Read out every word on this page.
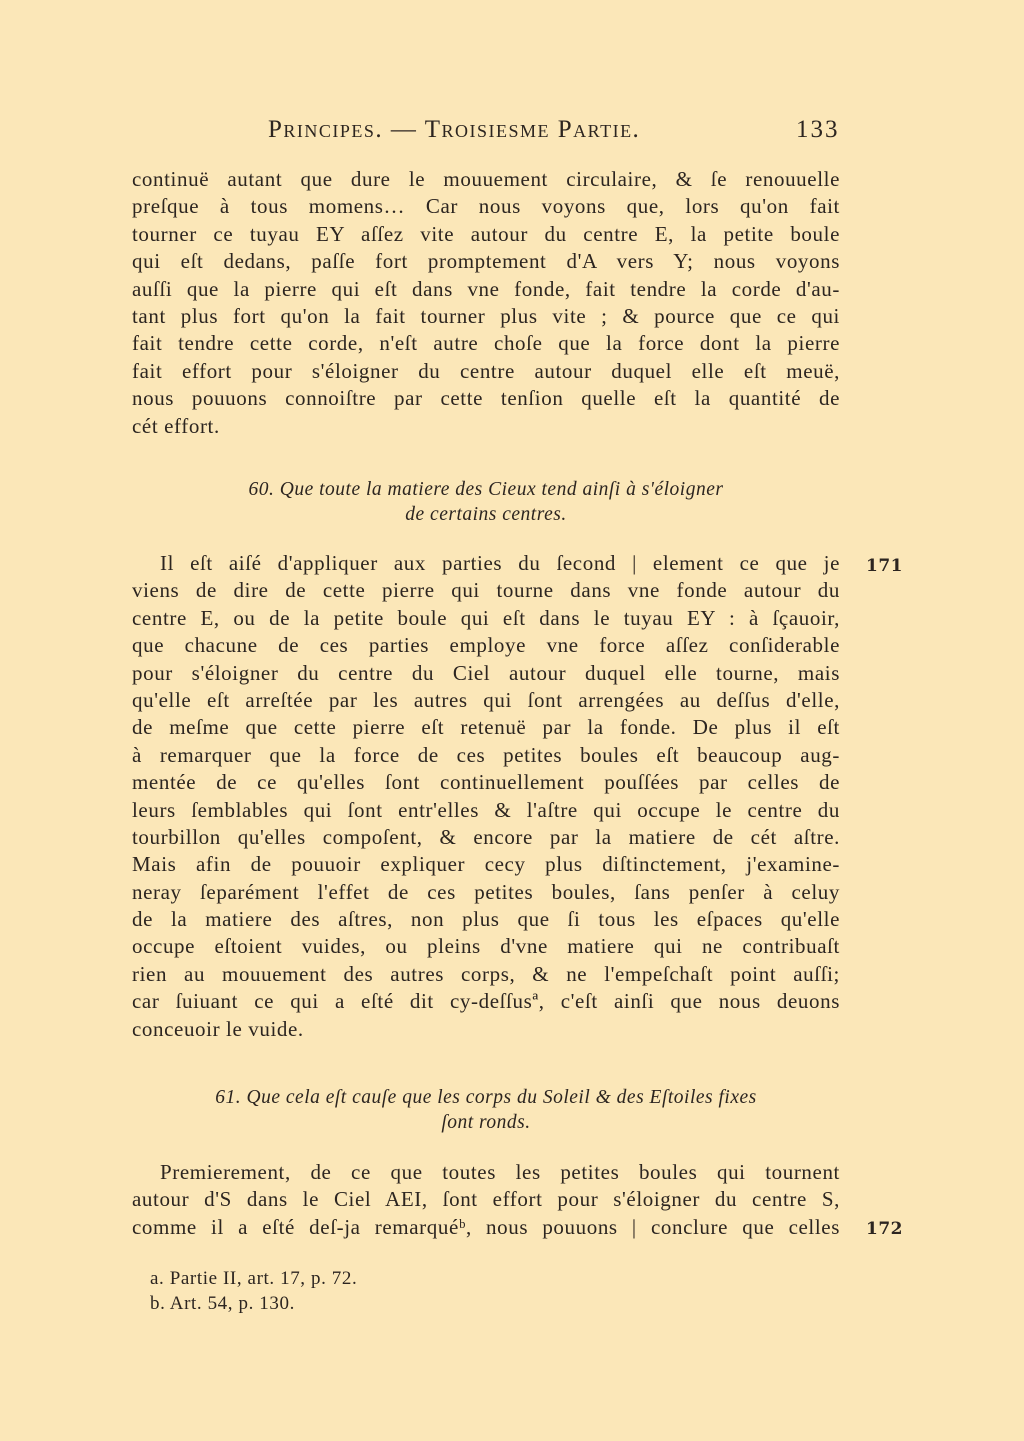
Principes. — Troisiesme Partie.	133
continuë autant que dure le mouuement circulaire, & ſe renouuelle
preſque à tous momens… Car nous voyons que, lors qu'on fait
tourner ce tuyau EY aſſez vite autour du centre E, la petite boule
qui eſt dedans, paſſe fort promptement d'A vers Y; nous voyons
auſſi que la pierre qui eſt dans vne fonde, fait tendre la corde d'au-
tant plus fort qu'on la fait tourner plus vite ; & pource que ce qui
fait tendre cette corde, n'eſt autre choſe que la force dont la pierre
fait effort pour s'éloigner du centre autour duquel elle eſt meuë,
nous pouuons connoiſtre par cette tenſion quelle eſt la quantité de
cét effort.
60. Que toute la matiere des Cieux tend ainſi à s'éloigner
de certains centres.
Il eſt aiſé d'appliquer aux parties du ſecond | element ce que je
viens de dire de cette pierre qui tourne dans vne fonde autour du
centre E, ou de la petite boule qui eſt dans le tuyau EY : à ſçauoir,
que chacune de ces parties employe vne force aſſez conſiderable
pour s'éloigner du centre du Ciel autour duquel elle tourne, mais
qu'elle eſt arreſtée par les autres qui ſont arrengées au deſſus d'elle,
de meſme que cette pierre eſt retenuë par la fonde. De plus il eſt
à remarquer que la force de ces petites boules eſt beaucoup aug-
mentée de ce qu'elles ſont continuellement pouſſées par celles de
leurs ſemblables qui ſont entr'elles & l'aſtre qui occupe le centre du
tourbillon qu'elles compoſent, & encore par la matiere de cét aſtre.
Mais afin de pouuoir expliquer cecy plus diſtinctement, j'examine-
neray ſeparément l'effet de ces petites boules, ſans penſer à celuy
de la matiere des aſtres, non plus que ſi tous les eſpaces qu'elle
occupe eſtoient vuides, ou pleins d'vne matiere qui ne contribuaſt
rien au mouuement des autres corps, & ne l'empeſchaſt point auſſi;
car ſuiuant ce qui a eſté dit cy-deſſusª, c'eſt ainſi que nous deuons
conceuoir le vuide.
171
61. Que cela eſt cauſe que les corps du Soleil & des Eſtoiles fixes
ſont ronds.
Premierement, de ce que toutes les petites boules qui tournent
autour d'S dans le Ciel AEI, ſont effort pour s'éloigner du centre S,
comme il a eſté deſ-ja remarquéᵇ, nous pouuons | conclure que celles 172
a. Partie II, art. 17, p. 72.
b. Art. 54, p. 130.
